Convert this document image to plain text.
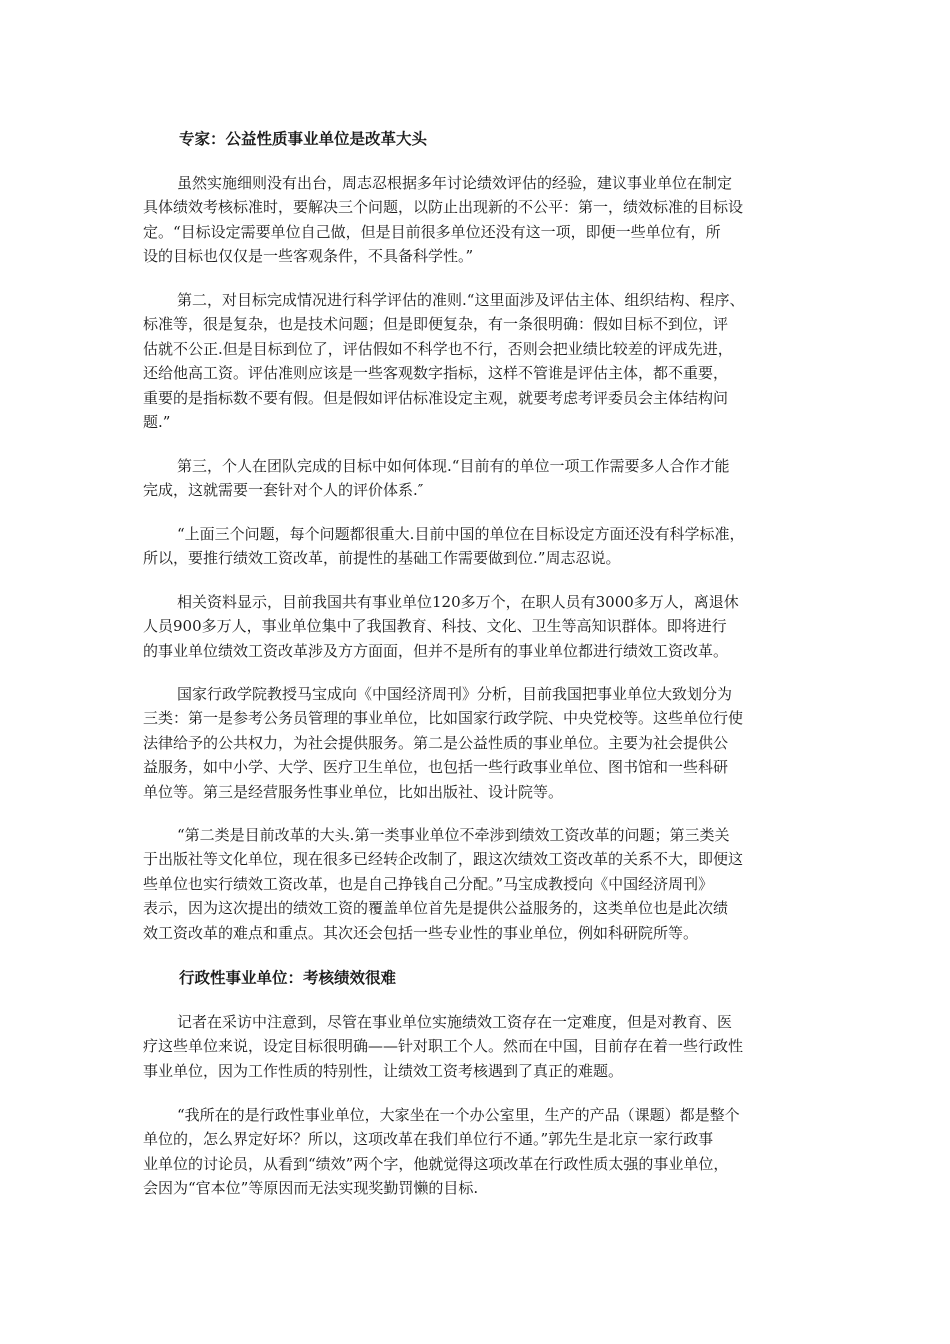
专家：公益性质事业单位是改革大头
虽然实施细则没有出台，周志忍根据多年讨论绩效评估的经验，建议事业单位在制定
具体绩效考核标准时，要解决三个问题，以防止出现新的不公平：第一，绩效标准的目标设
定。“目标设定需要单位自己做，但是目前很多单位还没有这一项，即便一些单位有，所
设的目标也仅仅是一些客观条件，不具备科学性。”
第二，对目标完成情况进行科学评估的准则.“这里面涉及评估主体、组织结构、程序、
标准等，很是复杂，也是技术问题；但是即便复杂，有一条很明确：假如目标不到位，评
估就不公正.但是目标到位了，评估假如不科学也不行，否则会把业绩比较差的评成先进，
还给他高工资。评估准则应该是一些客观数字指标，这样不管谁是评估主体，都不重要，
重要的是指标数不要有假。但是假如评估标准设定主观，就要考虑考评委员会主体结构问
题.”
第三，个人在团队完成的目标中如何体现.“目前有的单位一项工作需要多人合作才能
完成，这就需要一套针对个人的评价体系.″
“上面三个问题，每个问题都很重大.目前中国的单位在目标设定方面还没有科学标准，
所以，要推行绩效工资改革，前提性的基础工作需要做到位.”周志忍说。
相关资料显示，目前我国共有事业单位120多万个，在职人员有3000多万人，离退休
人员900多万人，事业单位集中了我国教育、科技、文化、卫生等高知识群体。即将进行
的事业单位绩效工资改革涉及方方面面，但并不是所有的事业单位都进行绩效工资改革。
国家行政学院教授马宝成向《中国经济周刊》分析，目前我国把事业单位大致划分为
三类：第一是参考公务员管理的事业单位，比如国家行政学院、中央党校等。这些单位行使
法律给予的公共权力，为社会提供服务。第二是公益性质的事业单位。主要为社会提供公
益服务，如中小学、大学、医疗卫生单位，也包括一些行政事业单位、图书馆和一些科研
单位等。第三是经营服务性事业单位，比如出版社、设计院等。
“第二类是目前改革的大头.第一类事业单位不牵涉到绩效工资改革的问题；第三类关
于出版社等文化单位，现在很多已经转企改制了，跟这次绩效工资改革的关系不大，即便这
些单位也实行绩效工资改革，也是自己挣钱自己分配。”马宝成教授向《中国经济周刊》
表示，因为这次提出的绩效工资的覆盖单位首先是提供公益服务的，这类单位也是此次绩
效工资改革的难点和重点。其次还会包括一些专业性的事业单位，例如科研院所等。
行政性事业单位：考核绩效很难
记者在采访中注意到，尽管在事业单位实施绩效工资存在一定难度，但是对教育、医
疗这些单位来说，设定目标很明确——针对职工个人。然而在中国，目前存在着一些行政性
事业单位，因为工作性质的特别性，让绩效工资考核遇到了真正的难题。
“我所在的是行政性事业单位，大家坐在一个办公室里，生产的产品（课题）都是整个
单位的，怎么界定好坏？所以，这项改革在我们单位行不通。”郭先生是北京一家行政事
业单位的讨论员，从看到“绩效”两个字，他就觉得这项改革在行政性质太强的事业单位，
会因为“官本位”等原因而无法实现奖勤罚懒的目标.
